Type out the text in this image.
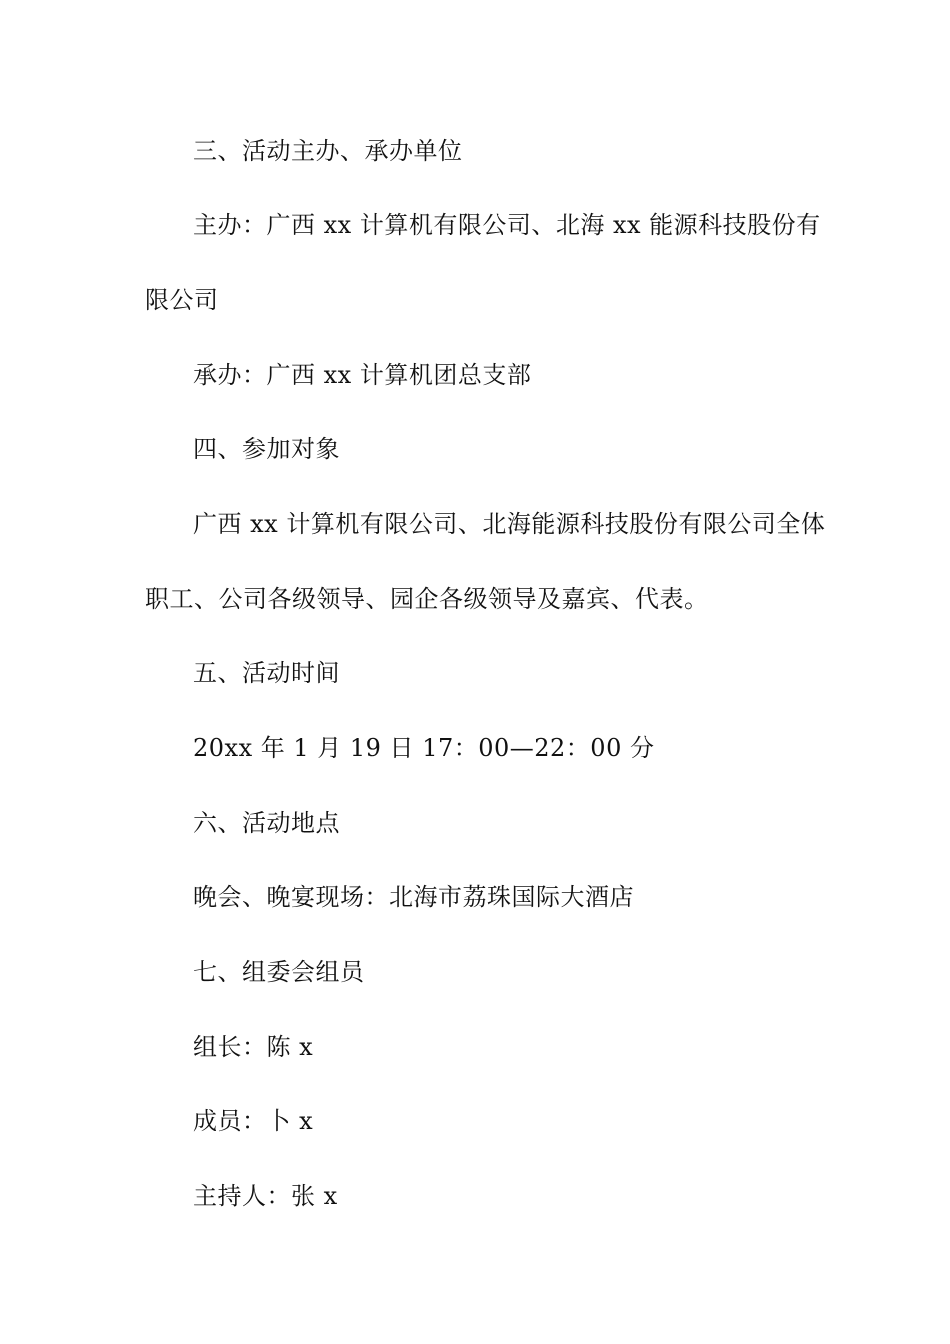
三、活动主办、承办单位
主办：广西 xx 计算机有限公司、北海 xx 能源科技股份有
限公司
承办：广西 xx 计算机团总支部
四、参加对象
广西 xx 计算机有限公司、北海能源科技股份有限公司全体
职工、公司各级领导、园企各级领导及嘉宾、代表。
五、活动时间
20xx 年 1 月 19 日 17：00—22：00 分
六、活动地点
晚会、晚宴现场：北海市荔珠国际大酒店
七、组委会组员
组长：陈 x
成员：卜 x
主持人：张 x
